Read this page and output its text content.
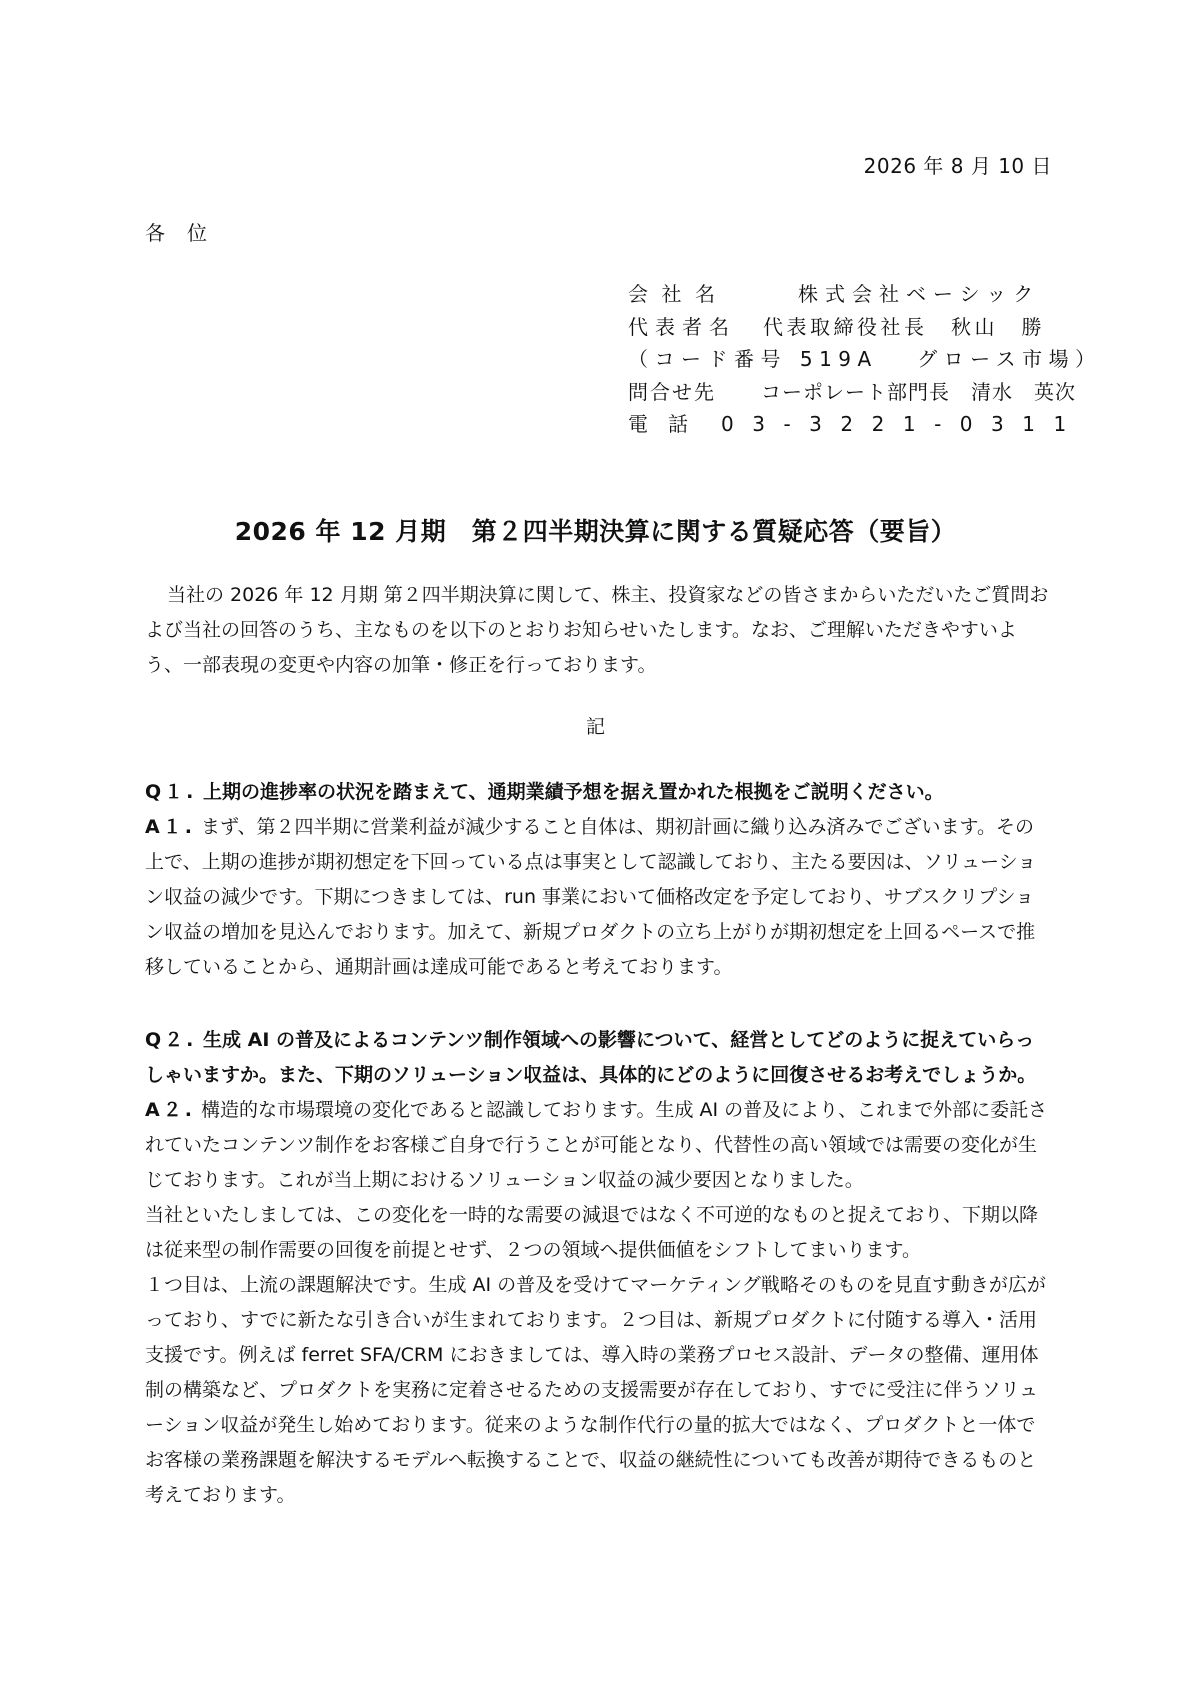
2026 年 8 月 10 日
各位
会社名	株式会社ベーシック
代表者名 代表取締役社長　秋山　勝
（コード番号 519A　 グロース市場）
問合せ先 コーポレート部門長　清水　英次
電話 03-3221-0311
2026 年 12 月期　第２四半期決算に関する質疑応答（要旨）

当社の 2026 年 12 月期 第２四半期決算に関して、株主、投資家などの皆さまからいただいたご質問および当社の回答のうち、主なものを以下のとおりお知らせいたします。なお、ご理解いただきやすいよう、一部表現の変更や内容の加筆・修正を行っております。

記

Q１. 上期の進捗率の状況を踏まえて、通期業績予想を据え置かれた根拠をご説明ください。

A１. まず、第２四半期に営業利益が減少すること自体は、期初計画に織り込み済みでございます。その上で、上期の進捗が期初想定を下回っている点は事実として認識しており、主たる要因は、ソリューション収益の減少です。下期につきましては、run 事業において価格改定を予定しており、サブスクリプション収益の増加を見込んでおります。加えて、新規プロダクトの立ち上がりが期初想定を上回るペースで推移していることから、通期計画は達成可能であると考えております。

Q２. 生成 AI の普及によるコンテンツ制作領域への影響について、経営としてどのように捉えていらっしゃいますか。また、下期のソリューション収益は、具体的にどのように回復させるお考えでしょうか。

A２. 構造的な市場環境の変化であると認識しております。生成 AI の普及により、これまで外部に委託されていたコンテンツ制作をお客様ご自身で行うことが可能となり、代替性の高い領域では需要の変化が生じております。これが当上期におけるソリューション収益の減少要因となりました。

当社といたしましては、この変化を一時的な需要の減退ではなく不可逆的なものと捉えており、下期以降は従来型の制作需要の回復を前提とせず、２つの領域へ提供価値をシフトしてまいります。

１つ目は、上流の課題解決です。生成 AI の普及を受けてマーケティング戦略そのものを見直す動きが広がっており、すでに新たな引き合いが生まれております。２つ目は、新規プロダクトに付随する導入・活用支援です。例えば ferret SFA/CRM におきましては、導入時の業務プロセス設計、データの整備、運用体制の構築など、プロダクトを実務に定着させるための支援需要が存在しており、すでに受注に伴うソリューション収益が発生し始めております。従来のような制作代行の量的拡大ではなく、プロダクトと一体でお客様の業務課題を解決するモデルへ転換することで、収益の継続性についても改善が期待できるものと考えております。
